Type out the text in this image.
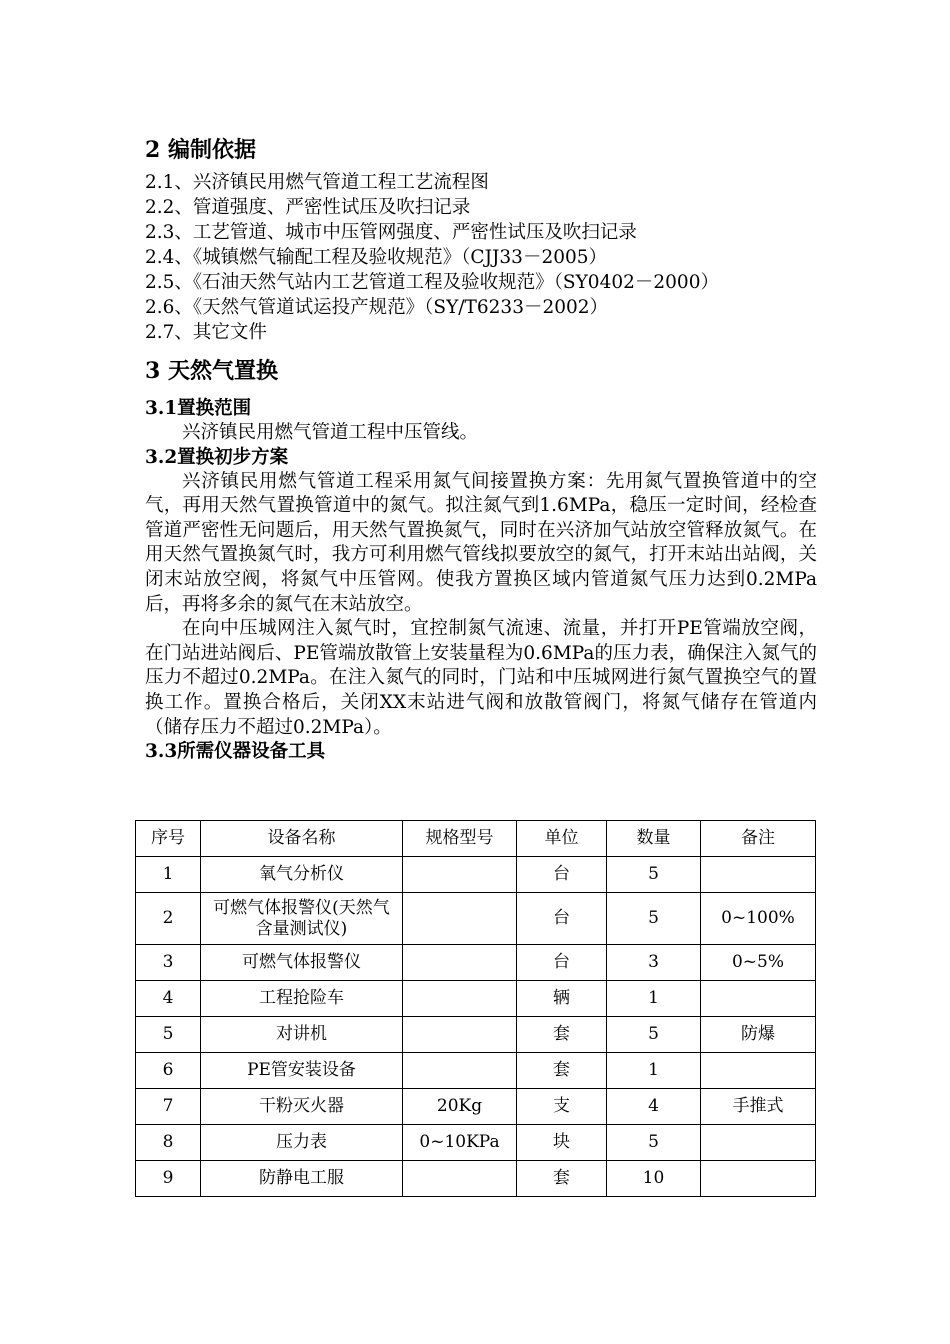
2 编制依据
2.1、兴济镇民用燃气管道工程工艺流程图
2.2、管道强度、严密性试压及吹扫记录
2.3、工艺管道、城市中压管网强度、严密性试压及吹扫记录
2.4、《城镇燃气输配工程及验收规范》（CJJ33－2005）
2.5、《石油天然气站内工艺管道工程及验收规范》（SY0402－2000）
2.6、《天然气管道试运投产规范》（SY/T6233－2002）
2.7、其它文件
3 天然气置换
3.1置换范围

兴济镇民用燃气管道工程中压管线。

3.2置换初步方案

兴济镇民用燃气管道工程采用氮气间接置换方案：先用氮气置换管道中的空气，再用天然气置换管道中的氮气。拟注氮气到1.6MPa，稳压一定时间，经检查管道严密性无问题后，用天然气置换氮气，同时在兴济加气站放空管释放氮气。在用天然气置换氮气时，我方可利用燃气管线拟要放空的氮气，打开末站出站阀，关闭末站放空阀，将氮气中压管网。使我方置换区域内管道氮气压力达到0.2MPa后，再将多余的氮气在末站放空。

在向中压城网注入氮气时，宜控制氮气流速、流量，并打开PE管端放空阀，在门站进站阀后、PE管端放散管上安装量程为0.6MPa的压力表，确保注入氮气的压力不超过0.2MPa。在注入氮气的同时，门站和中压城网进行氮气置换空气的置换工作。置换合格后，关闭XX末站进气阀和放散管阀门，将氮气储存在管道内（储存压力不超过0.2MPa）。

3.3所需仪器设备工具
序号	设备名称	规格型号	单位	数量	备注
1	氧气分析仪		台	5	
2	可燃气体报警仪(天然气含量测试仪)		台	5	0~100%
3	可燃气体报警仪		台	3	0~5%
4	工程抢险车		辆	1	
5	对讲机		套	5	防爆
6	PE管安装设备		套	1	
7	干粉灭火器	20Kg	支	4	手推式
8	压力表	0~10KPa	块	5	
9	防静电工服		套	10	
